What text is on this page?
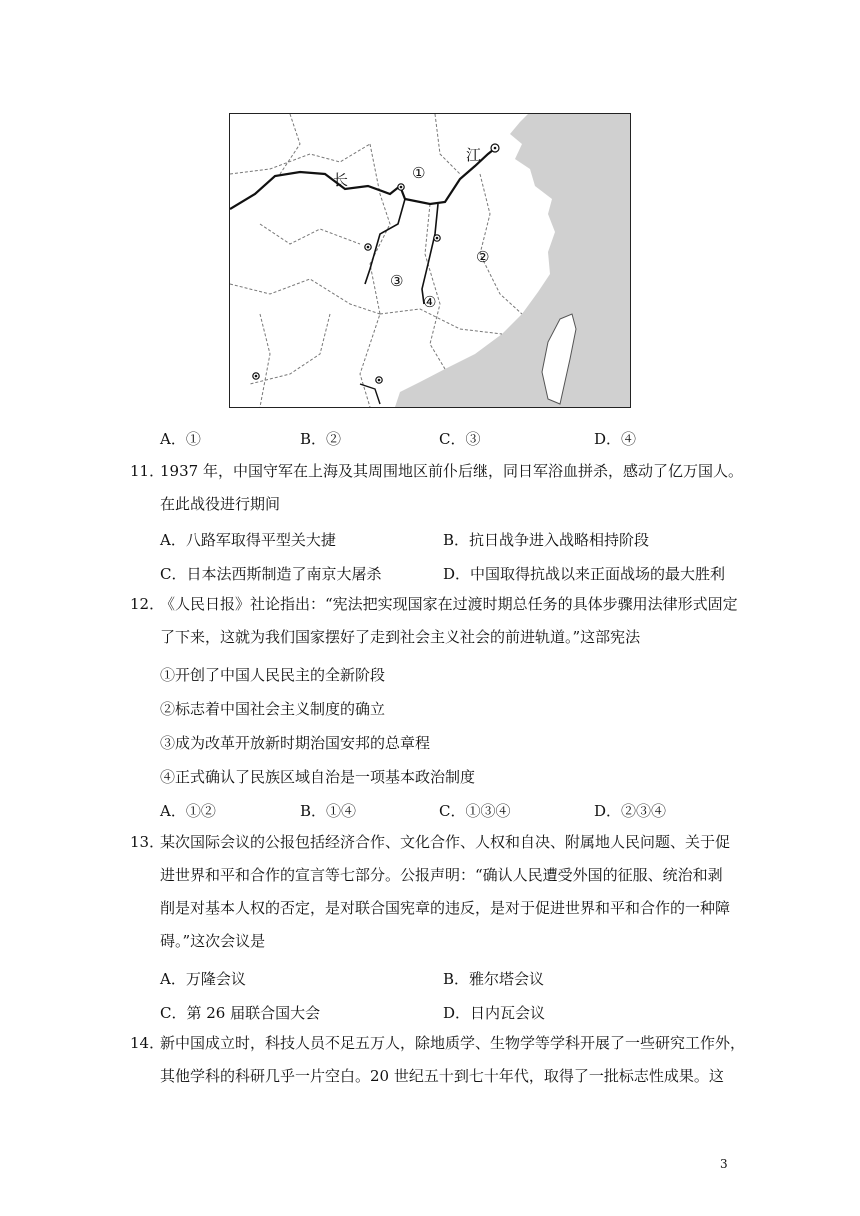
①
②
③
④
江
长
A．①	B．②	C．③	D．④
11．
1937 年，中国守军在上海及其周围地区前仆后继，同日军浴血拼杀，感动了亿万国人。
在此战役进行期间
A．八路军取得平型关大捷	B．抗日战争进入战略相持阶段
C．日本法西斯制造了南京大屠杀	D．中国取得抗战以来正面战场的最大胜利
12．
《人民日报》社论指出：“宪法把实现国家在过渡时期总任务的具体步骤用法律形式固定
了下来，这就为我们国家摆好了走到社会主义社会的前进轨道。”这部宪法
①开创了中国人民民主的全新阶段
②标志着中国社会主义制度的确立
③成为改革开放新时期治国安邦的总章程
④正式确认了民族区域自治是一项基本政治制度
A．①②	B．①④	C．①③④	D．②③④
13．
某次国际会议的公报包括经济合作、文化合作、人权和自决、附属地人民问题、关于促
进世界和平和合作的宣言等七部分。公报声明：“确认人民遭受外国的征服、统治和剥
削是对基本人权的否定，是对联合国宪章的违反，是对于促进世界和平和合作的一种障
碍。”这次会议是
A．万隆会议	B．雅尔塔会议
C．第 26 届联合国大会	D．日内瓦会议
14．
新中国成立时，科技人员不足五万人，除地质学、生物学等学科开展了一些研究工作外，
其他学科的科研几乎一片空白。20 世纪五十到七十年代，取得了一批标志性成果。这
3
